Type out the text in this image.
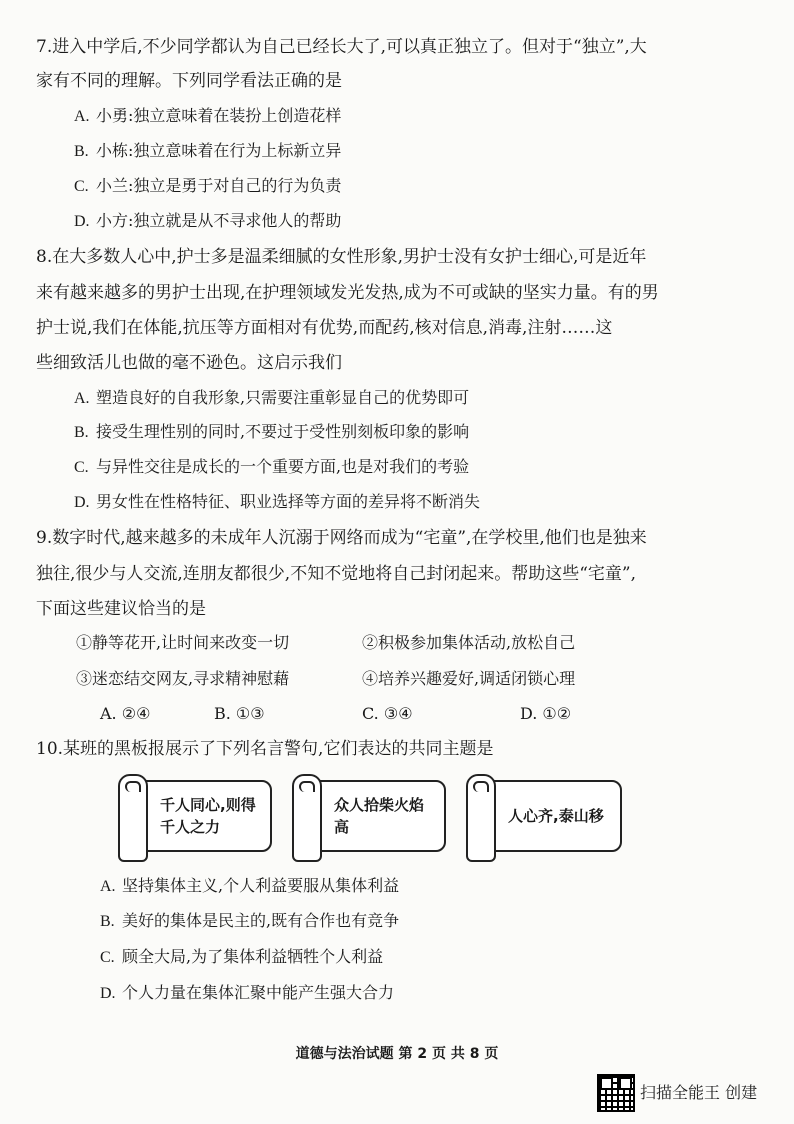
7.进入中学后,不少同学都认为自己已经长大了,可以真正独立了。但对于“独立”,大
家有不同的理解。下列同学看法正确的是
A. 小勇:独立意味着在装扮上创造花样
B. 小栋:独立意味着在行为上标新立异
C. 小兰:独立是勇于对自己的行为负责
D. 小方:独立就是从不寻求他人的帮助
8.在大多数人心中,护士多是温柔细腻的女性形象,男护士没有女护士细心,可是近年
来有越来越多的男护士出现,在护理领域发光发热,成为不可或缺的坚实力量。有的男
护士说,我们在体能,抗压等方面相对有优势,而配药,核对信息,消毒,注射……这
些细致活儿也做的毫不逊色。这启示我们
A. 塑造良好的自我形象,只需要注重彰显自己的优势即可
B. 接受生理性别的同时,不要过于受性别刻板印象的影响
C. 与异性交往是成长的一个重要方面,也是对我们的考验
D. 男女性在性格特征、职业选择等方面的差异将不断消失
9.数字时代,越来越多的未成年人沉溺于网络而成为“宅童”,在学校里,他们也是独来
独往,很少与人交流,连朋友都很少,不知不觉地将自己封闭起来。帮助这些“宅童”,
下面这些建议恰当的是
①静等花开,让时间来改变一切	②积极参加集体活动,放松自己
③迷恋结交网友,寻求精神慰藉	④培养兴趣爱好,调适闭锁心理
A. ②④	B. ①③	C. ③④	D. ①②
10.某班的黑板报展示了下列名言警句,它们表达的共同主题是
千人同心,则得
千人之力
众人拾柴火焰高
人心齐,泰山移
A. 坚持集体主义,个人利益要服从集体利益
B. 美好的集体是民主的,既有合作也有竞争
C. 顾全大局,为了集体利益牺牲个人利益
D. 个人力量在集体汇聚中能产生强大合力
道德与法治试题 第 2 页 共 8 页
扫描全能王 创建
